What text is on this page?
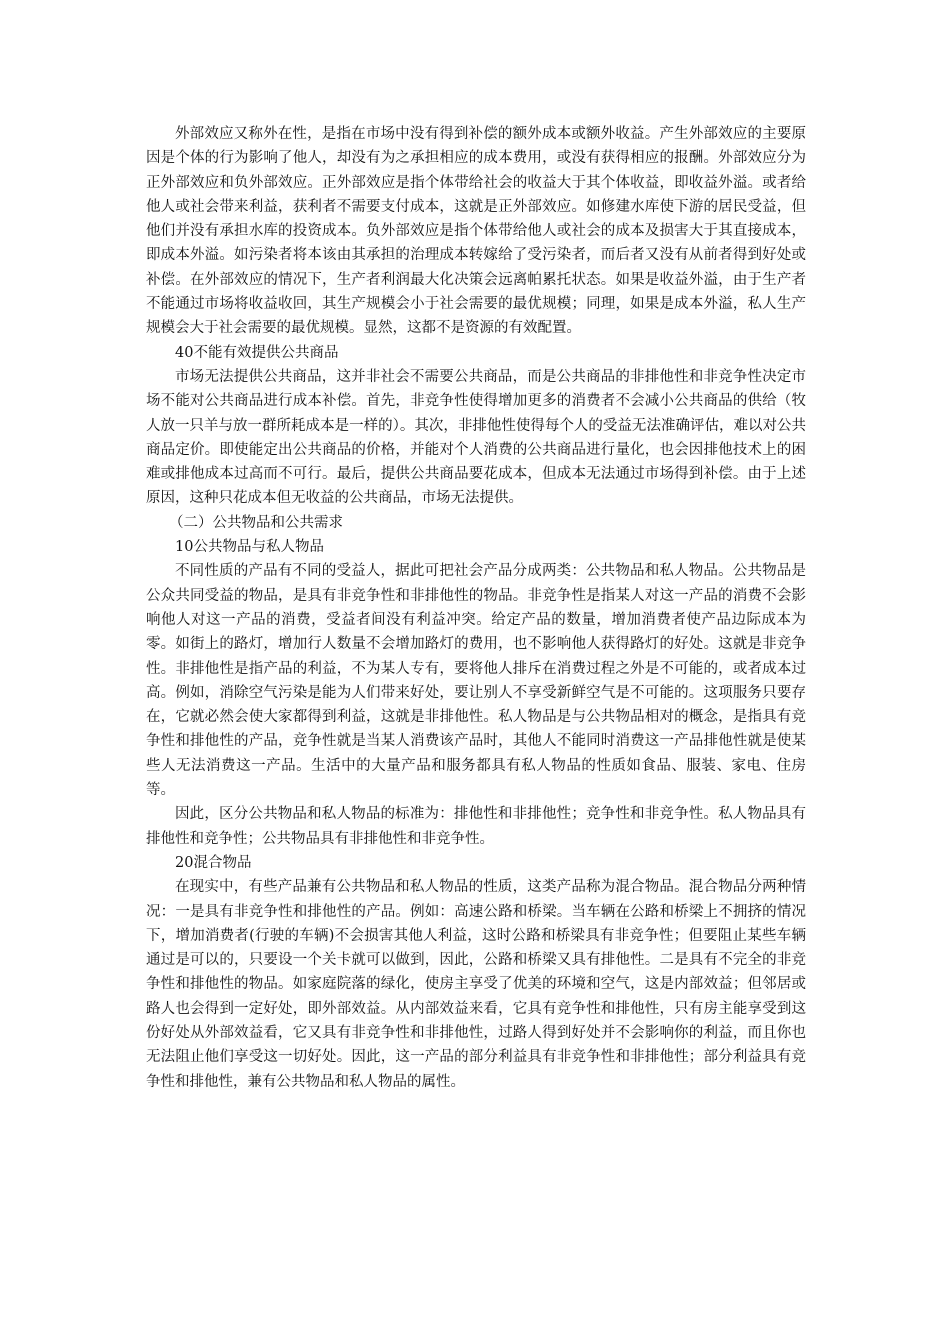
外部效应又称外在性，是指在市场中没有得到补偿的额外成本或额外收益。产生外部效应的主要原因是个体的行为影响了他人，却没有为之承担相应的成本费用，或没有获得相应的报酬。外部效应分为正外部效应和负外部效应。正外部效应是指个体带给社会的收益大于其个体收益，即收益外溢。或者给他人或社会带来利益，获利者不需要支付成本，这就是正外部效应。如修建水库使下游的居民受益，但他们并没有承担水库的投资成本。负外部效应是指个体带给他人或社会的成本及损害大于其直接成本，即成本外溢。如污染者将本该由其承担的治理成本转嫁给了受污染者，而后者又没有从前者得到好处或补偿。在外部效应的情况下，生产者利润最大化决策会远离帕累托状态。如果是收益外溢，由于生产者不能通过市场将收益收回，其生产规模会小于社会需要的最优规模；同理，如果是成本外溢，私人生产规模会大于社会需要的最优规模。显然，这都不是资源的有效配置。

40不能有效提供公共商品

市场无法提供公共商品，这并非社会不需要公共商品，而是公共商品的非排他性和非竞争性决定市场不能对公共商品进行成本补偿。首先，非竞争性使得增加更多的消费者不会减小公共商品的供给（牧人放一只羊与放一群所耗成本是一样的）。其次，非排他性使得每个人的受益无法准确评估，难以对公共商品定价。即使能定出公共商品的价格，并能对个人消费的公共商品进行量化，也会因排他技术上的困难或排他成本过高而不可行。最后，提供公共商品要花成本，但成本无法通过市场得到补偿。由于上述原因，这种只花成本但无收益的公共商品，市场无法提供。

（二）公共物品和公共需求

10公共物品与私人物品

不同性质的产品有不同的受益人，据此可把社会产品分成两类：公共物品和私人物品。公共物品是公众共同受益的物品，是具有非竞争性和非排他性的物品。非竞争性是指某人对这一产品的消费不会影响他人对这一产品的消费，受益者间没有利益冲突。给定产品的数量，增加消费者使产品边际成本为零。如街上的路灯，增加行人数量不会增加路灯的费用，也不影响他人获得路灯的好处。这就是非竞争性。非排他性是指产品的利益，不为某人专有，要将他人排斥在消费过程之外是不可能的，或者成本过高。例如，消除空气污染是能为人们带来好处，要让别人不享受新鲜空气是不可能的。这项服务只要存在，它就必然会使大家都得到利益，这就是非排他性。私人物品是与公共物品相对的概念，是指具有竞争性和排他性的产品，竞争性就是当某人消费该产品时，其他人不能同时消费这一产品排他性就是使某些人无法消费这一产品。生活中的大量产品和服务都具有私人物品的性质如食品、服装、家电、住房等。

因此，区分公共物品和私人物品的标准为：排他性和非排他性；竞争性和非竞争性。私人物品具有排他性和竞争性；公共物品具有非排他性和非竞争性。

20混合物品

在现实中，有些产品兼有公共物品和私人物品的性质，这类产品称为混合物品。混合物品分两种情况：一是具有非竞争性和排他性的产品。例如：高速公路和桥梁。当车辆在公路和桥梁上不拥挤的情况下，增加消费者(行驶的车辆)不会损害其他人利益，这时公路和桥梁具有非竞争性；但要阻止某些车辆通过是可以的，只要设一个关卡就可以做到，因此，公路和桥梁又具有排他性。二是具有不完全的非竞争性和排他性的物品。如家庭院落的绿化，使房主享受了优美的环境和空气，这是内部效益；但邻居或路人也会得到一定好处，即外部效益。从内部效益来看，它具有竞争性和排他性，只有房主能享受到这份好处从外部效益看，它又具有非竞争性和非排他性，过路人得到好处并不会影响你的利益，而且你也无法阻止他们享受这一切好处。因此，这一产品的部分利益具有非竞争性和非排他性；部分利益具有竞争性和排他性，兼有公共物品和私人物品的属性。
